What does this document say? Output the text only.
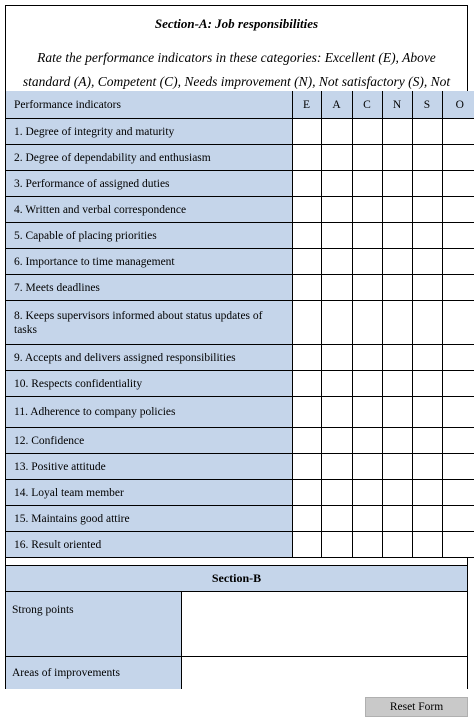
Section-A: Job responsibilities
Rate the performance indicators in these categories: Excellent (E), Above standard (A), Competent (C), Needs improvement (N), Not satisfactory (S), Not
Performance indicators	E	A	C	N	S	O
1. Degree of integrity and maturity						
2. Degree of dependability and enthusiasm						
3. Performance of assigned duties						
4. Written and verbal correspondence						
5. Capable of placing priorities						
6. Importance to time management						
7. Meets deadlines						
8. Keeps supervisors informed about status updates of tasks						
9. Accepts and delivers assigned responsibilities						
10. Respects confidentiality						
11. Adherence to company policies						
12. Confidence						
13. Positive attitude						
14. Loyal team member						
15. Maintains good attire						
16. Result oriented						
Section-B
Strong points
Areas of improvements
Reset Form
